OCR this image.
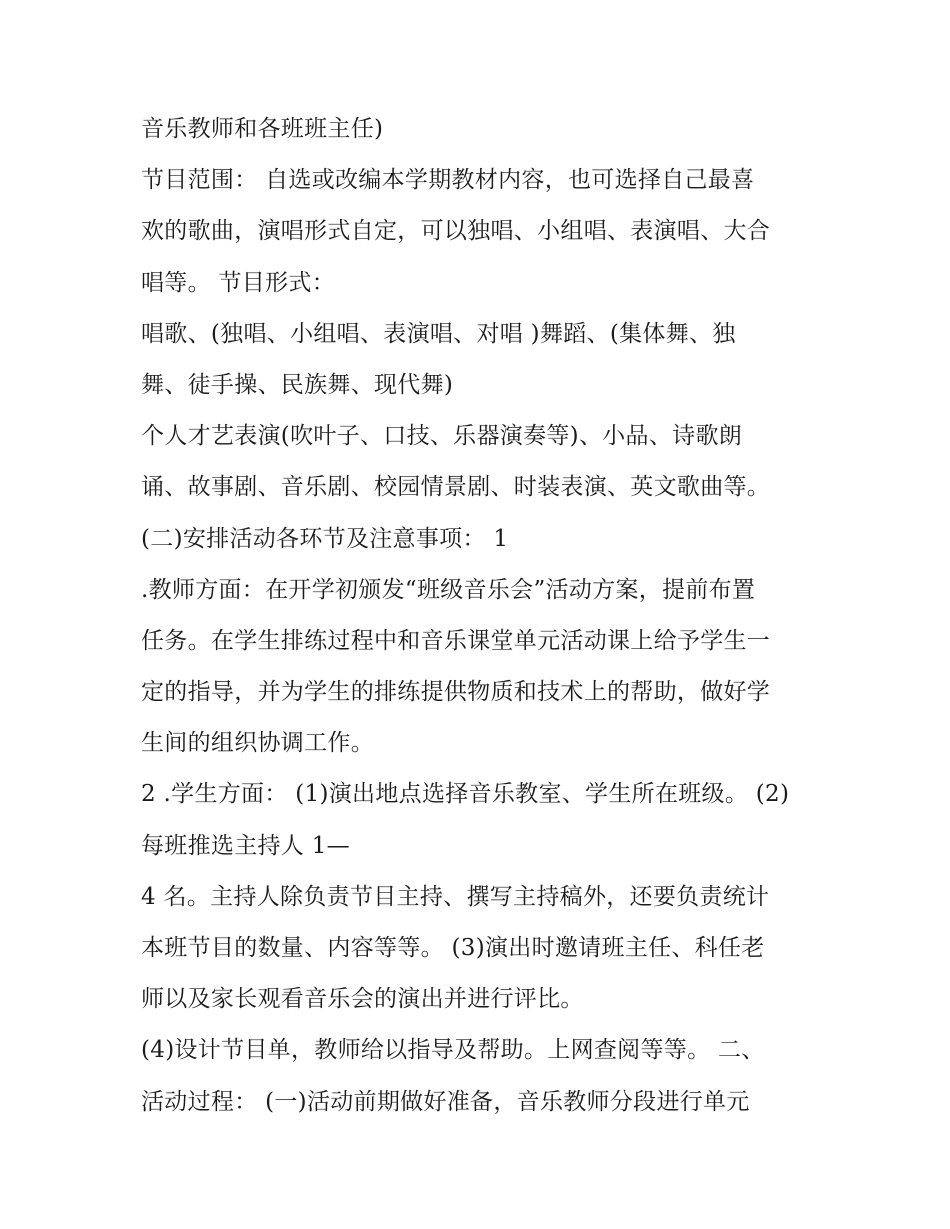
音乐教师和各班班主任)
节目范围： 自选或改编本学期教材内容，也可选择自己最喜
欢的歌曲，演唱形式自定，可以独唱、小组唱、表演唱、大合
唱等。 节目形式：
唱歌、(独唱、小组唱、表演唱、对唱 )舞蹈、(集体舞、独
舞、徒手操、民族舞、现代舞)
个人才艺表演(吹叶子、口技、乐器演奏等)、小品、诗歌朗
诵、故事剧、音乐剧、校园情景剧、时装表演、英文歌曲等。
(二)安排活动各环节及注意事项： 1
.教师方面：在开学初颁发“班级音乐会”活动方案，提前布置
任务。在学生排练过程中和音乐课堂单元活动课上给予学生一
定的指导，并为学生的排练提供物质和技术上的帮助，做好学
生间的组织协调工作。
2 .学生方面： (1)演出地点选择音乐教室、学生所在班级。 (2)
每班推选主持人 1—
4 名。主持人除负责节目主持、撰写主持稿外，还要负责统计
本班节目的数量、内容等等。 (3)演出时邀请班主任、科任老
师以及家长观看音乐会的演出并进行评比。
(4)设计节目单，教师给以指导及帮助。上网查阅等等。 二、
活动过程： (一)活动前期做好准备，音乐教师分段进行单元
